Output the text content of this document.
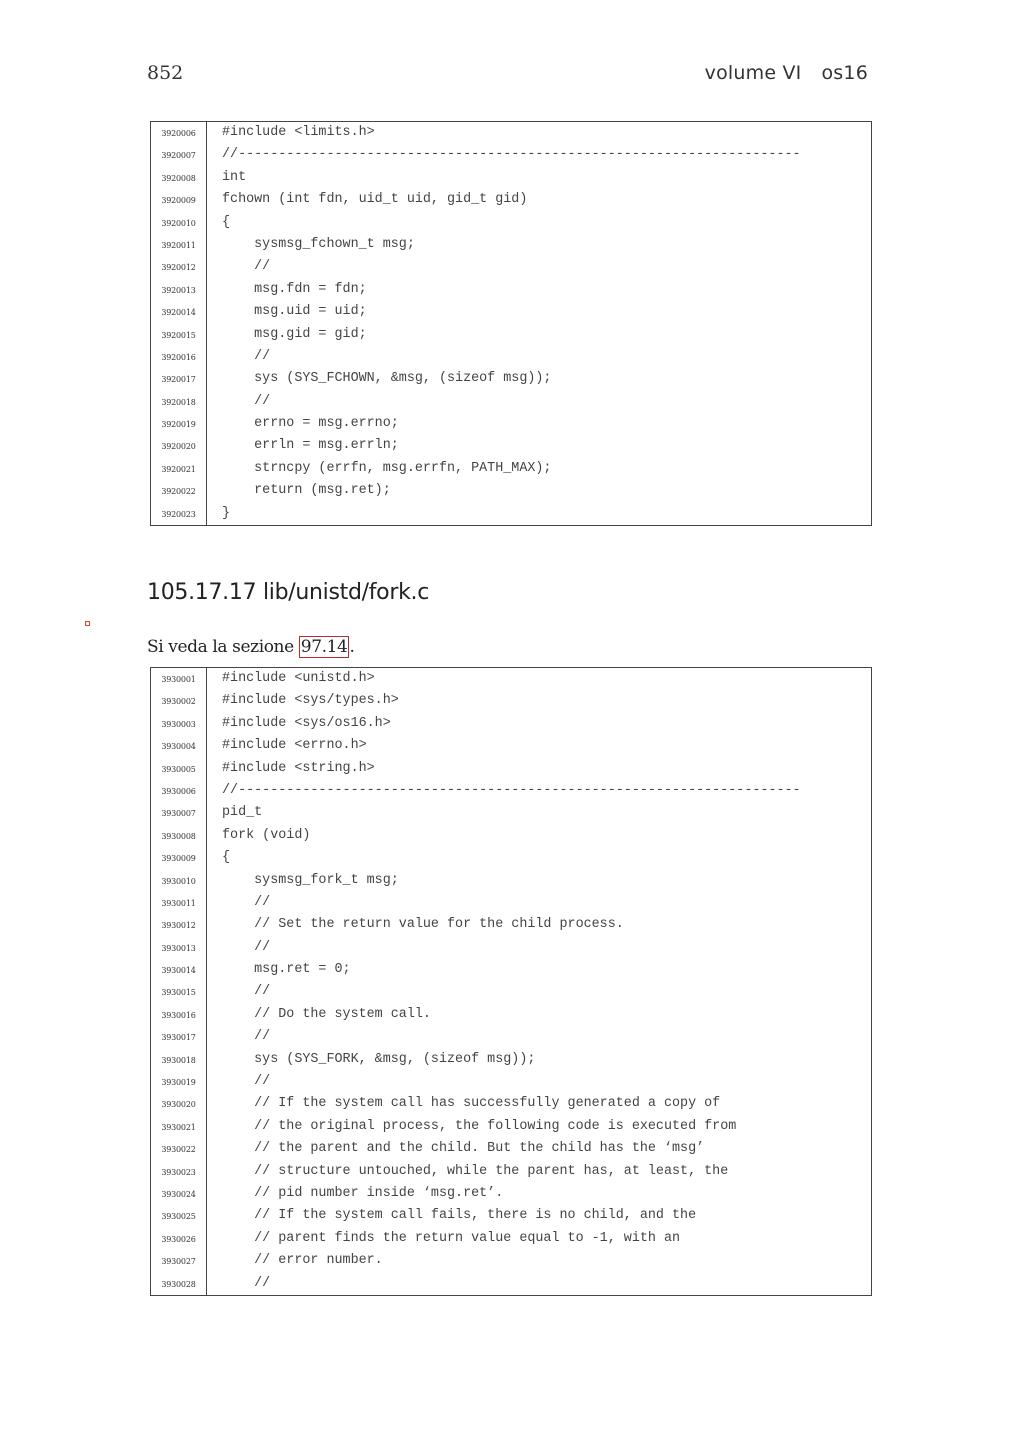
852	volume VI os16
3920006	#include <limits.h>
3920007	//----------------------------------------------------------------------
3920008	int
3920009	fchown (int fdn, uid_t uid, gid_t gid)
3920010	{
3920011	sysmsg_fchown_t msg;
3920012	//
3920013	msg.fdn = fdn;
3920014	msg.uid = uid;
3920015	msg.gid = gid;
3920016	//
3920017	sys (SYS_FCHOWN, &msg, (sizeof msg));
3920018	//
3920019	errno = msg.errno;
3920020	errln = msg.errln;
3920021	strncpy (errfn, msg.errfn, PATH_MAX);
3920022	return (msg.ret);
3920023	}
105.17.17 lib/unistd/fork.c
Si veda la sezione 97.14 .
3930001	#include <unistd.h>
3930002	#include <sys/types.h>
3930003	#include <sys/os16.h>
3930004	#include <errno.h>
3930005	#include <string.h>
3930006	//----------------------------------------------------------------------
3930007	pid_t
3930008	fork (void)
3930009	{
3930010	sysmsg_fork_t msg;
3930011	//
3930012	// Set the return value for the child process.
3930013	//
3930014	msg.ret = 0;
3930015	//
3930016	// Do the system call.
3930017	//
3930018	sys (SYS_FORK, &msg, (sizeof msg));
3930019	//
3930020	// If the system call has successfully generated a copy of
3930021	// the original process, the following code is executed from
3930022	// the parent and the child. But the child has the ‘msg’
3930023	// structure untouched, while the parent has, at least, the
3930024	// pid number inside ‘msg.ret’.
3930025	// If the system call fails, there is no child, and the
3930026	// parent finds the return value equal to -1, with an
3930027	// error number.
3930028	//
